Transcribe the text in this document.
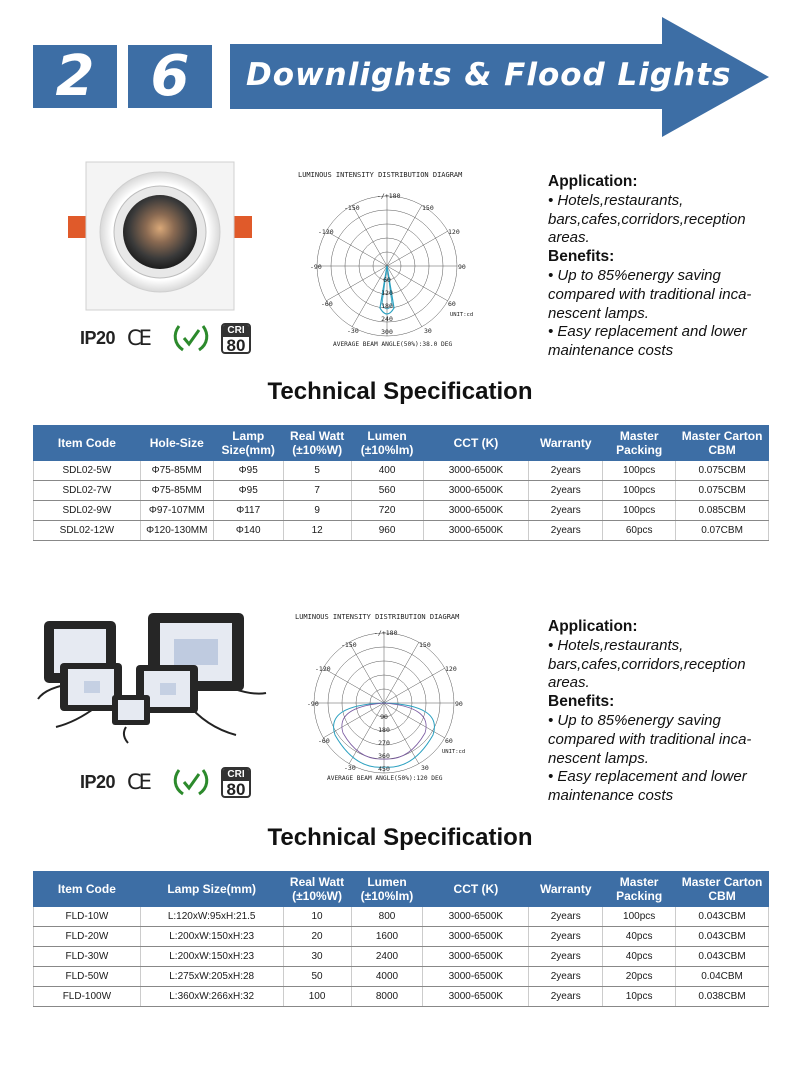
2	6	Downlights & Flood Lights
IP20 CE	CRI
80
LUMINOUS INTENSITY DISTRIBUTION DIAGRAM
-/+180
-150	150
-120	120
-90	90
-60	60
-30	30
60
120
180
240
300
UNIT:cd
AVERAGE BEAM ANGLE(50%):38.0 DEG
Application:
• Hotels,restaurants,
bars,cafes,corridors,reception
areas.
Benefits:
• Up to 85%energy saving
compared with traditional inca-
nescent lamps.
• Easy replacement and lower
maintenance costs
Technical Specification
Item Code	Hole-Size	Lamp Size(mm)	Real Watt (±10%W)	Lumen (±10%lm)	CCT (K)	Warranty	Master Packing	Master Carton CBM
SDL02-5W	Φ75-85MM	Φ95	5	400	3000-6500K	2years	100pcs	0.075CBM
SDL02-7W	Φ75-85MM	Φ95	7	560	3000-6500K	2years	100pcs	0.075CBM
SDL02-9W	Φ97-107MM	Φ117	9	720	3000-6500K	2years	100pcs	0.085CBM
SDL02-12W	Φ120-130MM	Φ140	12	960	3000-6500K	2years	60pcs	0.07CBM
IP20 CE	CRI
80
LUMINOUS INTENSITY DISTRIBUTION DIAGRAM
-/+180
-150	150
-120	120
-90	90
-60	60
-30	30
90
180
270
360
450
UNIT:cd
AVERAGE BEAM ANGLE(50%):120 DEG
Application:
• Hotels,restaurants,
bars,cafes,corridors,reception
areas.
Benefits:
• Up to 85%energy saving
compared with traditional inca-
nescent lamps.
• Easy replacement and lower
maintenance costs
Technical Specification
Item Code	Lamp Size(mm)	Real Watt (±10%W)	Lumen (±10%lm)	CCT (K)	Warranty	Master Packing	Master Carton CBM
FLD-10W	L:120xW:95xH:21.5	10	800	3000-6500K	2years	100pcs	0.043CBM
FLD-20W	L:200xW:150xH:23	20	1600	3000-6500K	2years	40pcs	0.043CBM
FLD-30W	L:200xW:150xH:23	30	2400	3000-6500K	2years	40pcs	0.043CBM
FLD-50W	L:275xW:205xH:28	50	4000	3000-6500K	2years	20pcs	0.04CBM
FLD-100W	L:360xW:266xH:32	100	8000	3000-6500K	2years	10pcs	0.038CBM
